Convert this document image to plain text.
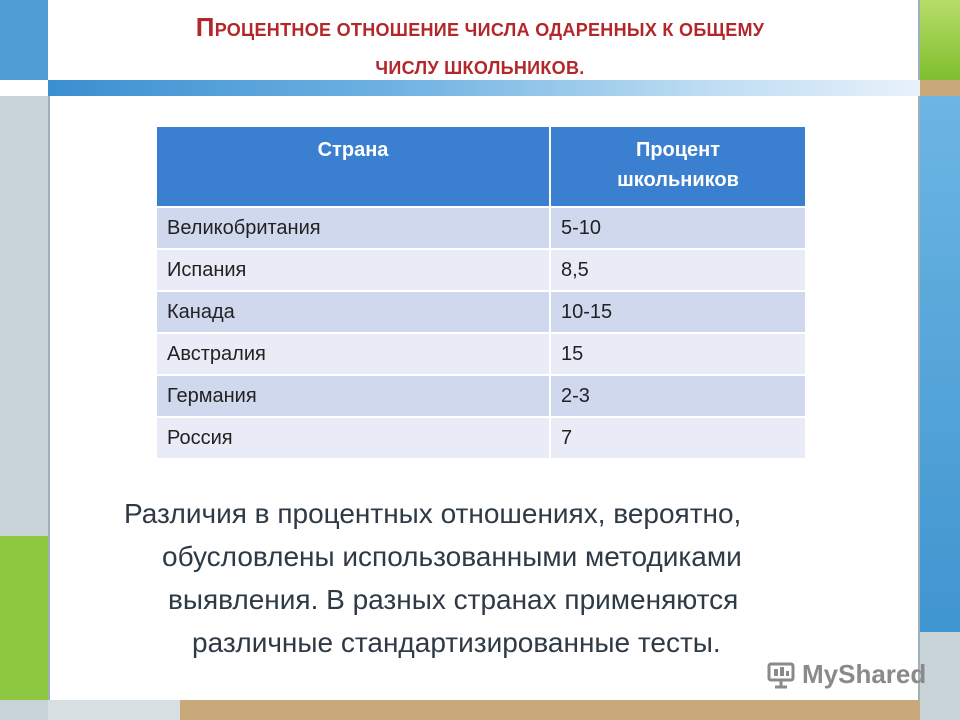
ПРОЦЕНТНОЕ ОТНОШЕНИЕ ЧИСЛА ОДАРЕННЫХ К ОБЩЕМУ
ЧИСЛУ ШКОЛЬНИКОВ.
Страна	Процент школьников

Великобритания	5-10
Испания	8,5
Канада	10-15
Австралия	15
Германия	2-3
Россия	7
Различия в процентных отношениях, вероятно,
обусловлены использованными методиками
выявления. В разных странах применяются
различные стандартизированные тесты.
MyShared
